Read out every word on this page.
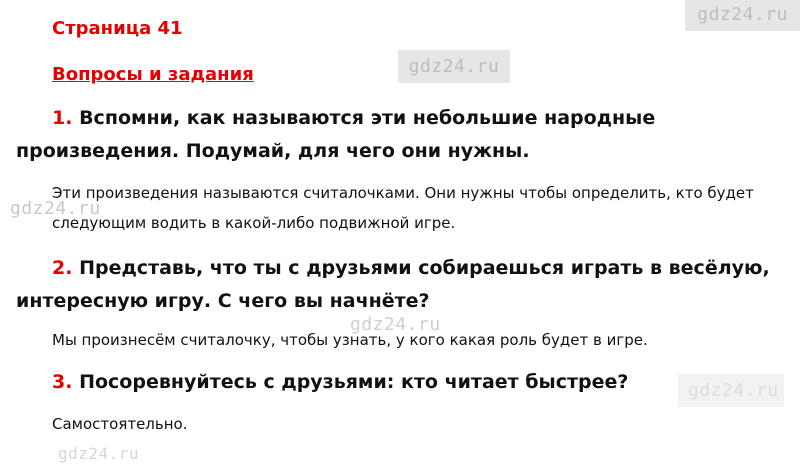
gdz24.ru
gdz24.ru
gdz24.ru
gdz24.ru
gdz24.ru
gdz24.ru
Страница 41
Вопросы и задания
1. Вспомни, как называются эти небольшие народные произведения. Подумай, для чего они нужны.
Эти произведения называются считалочками. Они нужны чтобы определить, кто будет следующим водить в какой-либо подвижной игре.
2. Представь, что ты с друзьями собираешься играть в весёлую, интересную игру. С чего вы начнёте?
Мы произнесём считалочку, чтобы узнать, у кого какая роль будет в игре.
3. Посоревнуйтесь с друзьями: кто читает быстрее?
Самостоятельно.
